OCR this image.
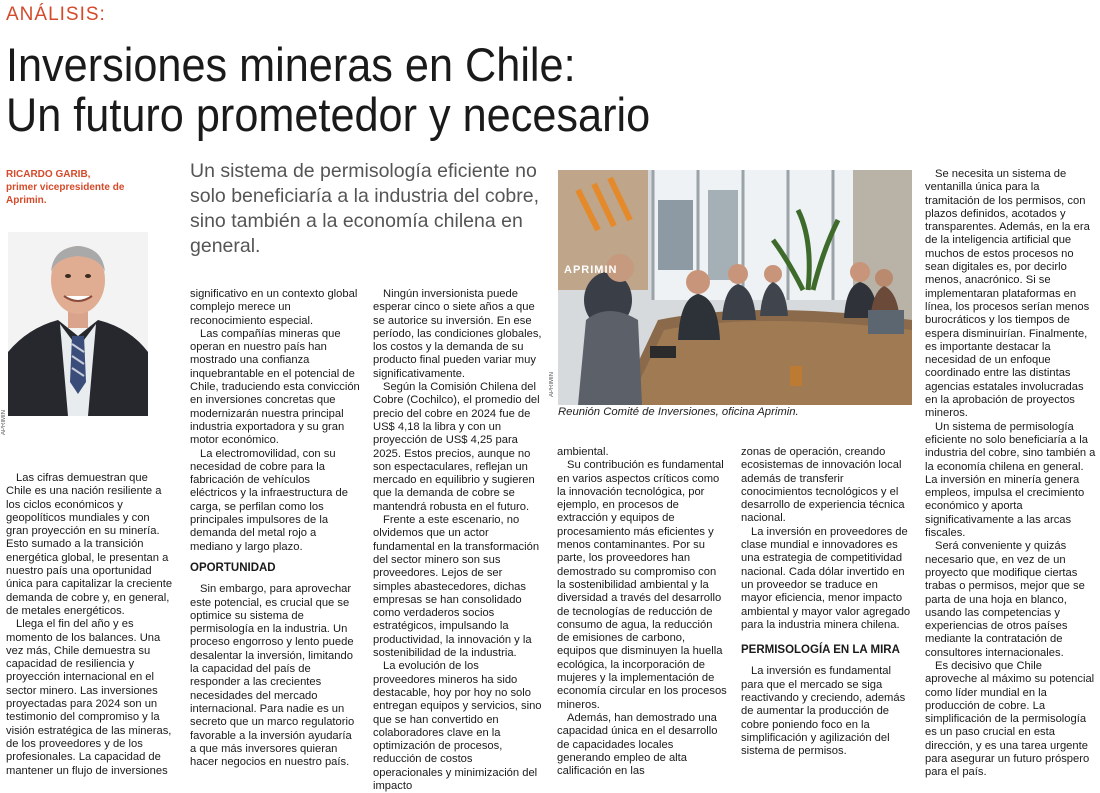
ANÁLISIS:
Inversiones mineras en Chile:
Un futuro prometedor y necesario
RICARDO GARIB,
primer vicepresidente de
Aprimin.
Un sistema de permisología eficiente no solo beneficiaría a la industria del cobre, sino también a la economía chilena en general.
APRIMIN

Las cifras demuestran que Chile es una nación resiliente a los ciclos económicos y geopolíticos mundiales y con gran proyección en su minería. Esto sumado a la transición energética global, le presentan a nuestro país una oportunidad única para capitalizar la creciente demanda de cobre y, en general, de metales energéticos.

Llega el fin del año y es momento de los balances. Una vez más, Chile demuestra su capacidad de resiliencia y proyección internacional en el sector minero. Las inversiones proyectadas para 2024 son un testimonio del compromiso y la visión estratégica de las mineras, de los proveedores y de los profesionales. La capacidad de mantener un flujo de inversiones

significativo en un contexto global complejo merece un reconocimiento especial.

Las compañías mineras que operan en nuestro país han mostrado una confianza inquebrantable en el potencial de Chile, traduciendo esta convicción en inversiones concretas que modernizarán nuestra principal industria exportadora y su gran motor económico.

La electromovilidad, con su necesidad de cobre para la fabricación de vehículos eléctricos y la infraestructura de carga, se perfilan como los principales impulsores de la demanda del metal rojo a mediano y largo plazo.

OPORTUNIDAD

Sin embargo, para aprovechar este potencial, es crucial que se optimice su sistema de permisología en la industria. Un proceso engorroso y lento puede desalentar la inversión, limitando la capacidad del país de responder a las crecientes necesidades del mercado internacional. Para nadie es un secreto que un marco regulatorio favorable a la inversión ayudaría a que más inversores quieran hacer negocios en nuestro país.

Ningún inversionista puede esperar cinco o siete años a que se autorice su inversión. En ese período, las condiciones globales, los costos y la demanda de su producto final pueden variar muy significativamente.

Según la Comisión Chilena del Cobre (Cochilco), el promedio del precio del cobre en 2024 fue de US$ 4,18 la libra y con un proyección de US$ 4,25 para 2025. Estos precios, aunque no son espectaculares, reflejan un mercado en equilibrio y sugieren que la demanda de cobre se mantendrá robusta en el futuro.

Frente a este escenario, no olvidemos que un actor fundamental en la transformación del sector minero son sus proveedores. Lejos de ser simples abastecedores, dichas empresas se han consolidado como verdaderos socios estratégicos, impulsando la productividad, la innovación y la sostenibilidad de la industria.

La evolución de los proveedores mineros ha sido destacable, hoy por hoy no solo entregan equipos y servicios, sino que se han convertido en colaboradores clave en la optimización de procesos, reducción de costos operacionales y minimización del impacto

APRIMIN
APRIMIN
Reunión Comité de Inversiones, oficina Aprimin.

ambiental.

Su contribución es fundamental en varios aspectos críticos como la innovación tecnológica, por ejemplo, en procesos de extracción y equipos de procesamiento más eficientes y menos contaminantes. Por su parte, los proveedores han demostrado su compromiso con la sostenibilidad ambiental y la diversidad a través del desarrollo de tecnologías de reducción de consumo de agua, la reducción de emisiones de carbono, equipos que disminuyen la huella ecológica, la incorporación de mujeres y la implementación de economía circular en los procesos mineros.

Además, han demostrado una capacidad única en el desarrollo de capacidades locales generando empleo de alta calificación en las

zonas de operación, creando ecosistemas de innovación local además de transferir conocimientos tecnológicos y el desarrollo de experiencia técnica nacional.

La inversión en proveedores de clase mundial e innovadores es una estrategia de competitividad nacional. Cada dólar invertido en un proveedor se traduce en mayor eficiencia, menor impacto ambiental y mayor valor agregado para la industria minera chilena.

PERMISOLOGÍA EN LA MIRA

La inversión es fundamental para que el mercado se siga reactivando y creciendo, además de aumentar la producción de cobre poniendo foco en la simplificación y agilización del sistema de permisos.

Se necesita un sistema de ventanilla única para la tramitación de los permisos, con plazos definidos, acotados y transparentes. Además, en la era de la inteligencia artificial que muchos de estos procesos no sean digitales es, por decirlo menos, anacrónico. Si se implementaran plataformas en línea, los procesos serían menos burocráticos y los tiempos de espera disminuirían. Finalmente, es importante destacar la necesidad de un enfoque coordinado entre las distintas agencias estatales involucradas en la aprobación de proyectos mineros.

Un sistema de permisología eficiente no solo beneficiaría a la industria del cobre, sino también a la economía chilena en general. La inversión en minería genera empleos, impulsa el crecimiento económico y aporta significativamente a las arcas fiscales.

Será conveniente y quizás necesario que, en vez de un proyecto que modifique ciertas trabas o permisos, mejor que se parta de una hoja en blanco, usando las competencias y experiencias de otros países mediante la contratación de consultores internacionales.

Es decisivo que Chile aproveche al máximo su potencial como líder mundial en la producción de cobre. La simplificación de la permisología es un paso crucial en esta dirección, y es una tarea urgente para asegurar un futuro próspero para el país.
